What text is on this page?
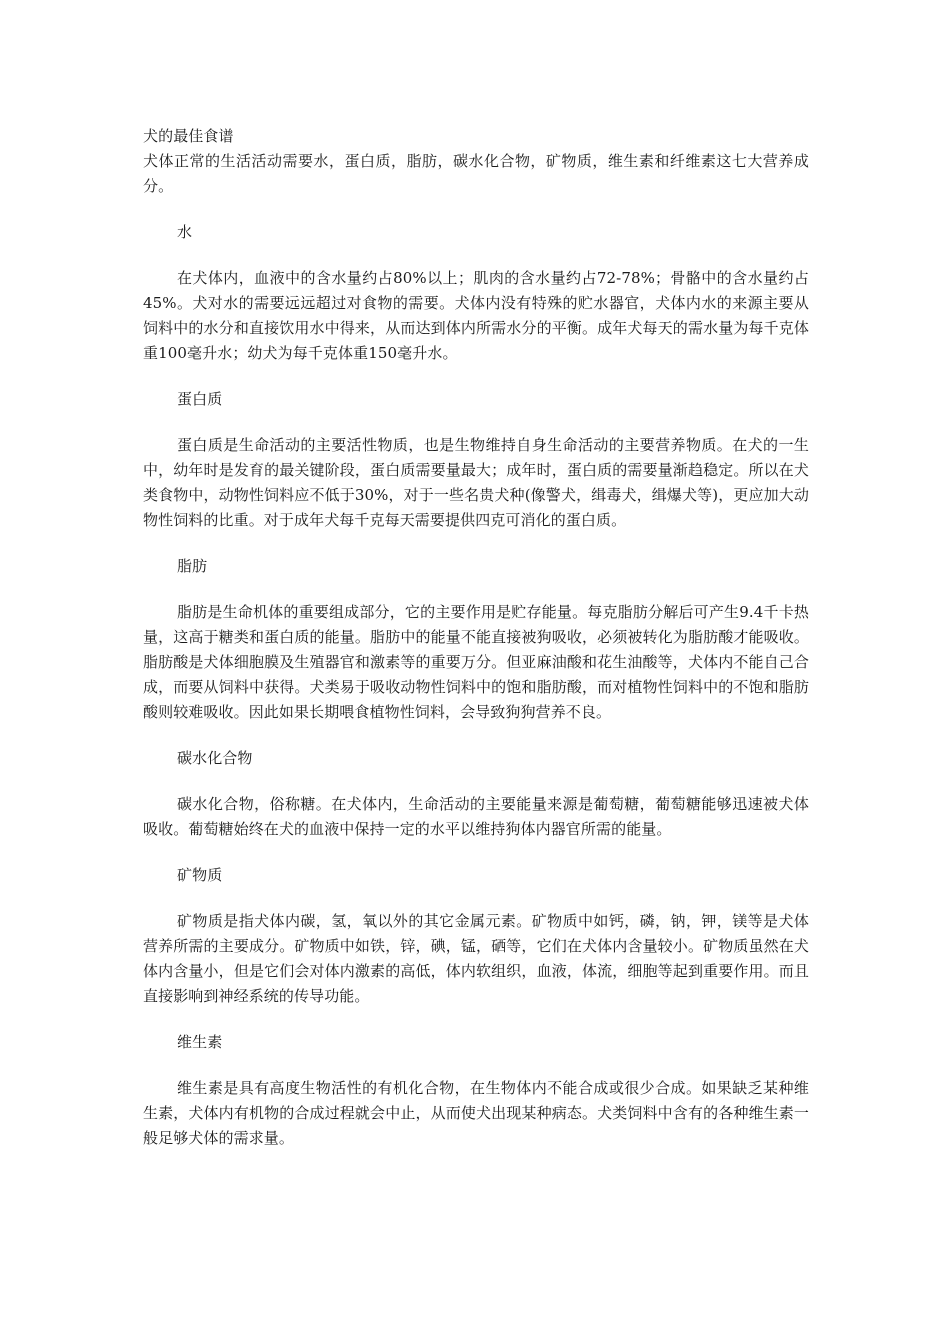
犬的最佳食谱

犬体正常的生活活动需要水，蛋白质，脂肪，碳水化合物，矿物质，维生素和纤维素这七大营养成分。

水

在犬体内，血液中的含水量约占80%以上；肌肉的含水量约占72-78%；骨骼中的含水量约占45%。犬对水的需要远远超过对食物的需要。犬体内没有特殊的贮水器官，犬体内水的来源主要从饲料中的水分和直接饮用水中得来，从而达到体内所需水分的平衡。成年犬每天的需水量为每千克体重100毫升水；幼犬为每千克体重150毫升水。

蛋白质

蛋白质是生命活动的主要活性物质，也是生物维持自身生命活动的主要营养物质。在犬的一生中，幼年时是发育的最关键阶段，蛋白质需要量最大；成年时，蛋白质的需要量渐趋稳定。所以在犬类食物中，动物性饲料应不低于30%，对于一些名贵犬种(像警犬，缉毒犬，缉爆犬等)，更应加大动物性饲料的比重。对于成年犬每千克每天需要提供四克可消化的蛋白质。

脂肪

脂肪是生命机体的重要组成部分，它的主要作用是贮存能量。每克脂肪分解后可产生9.4千卡热量，这高于糖类和蛋白质的能量。脂肪中的能量不能直接被狗吸收，必须被转化为脂肪酸才能吸收。脂肪酸是犬体细胞膜及生殖器官和激素等的重要万分。但亚麻油酸和花生油酸等，犬体内不能自己合成，而要从饲料中获得。犬类易于吸收动物性饲料中的饱和脂肪酸，而对植物性饲料中的不饱和脂肪酸则较难吸收。因此如果长期喂食植物性饲料，会导致狗狗营养不良。

碳水化合物

碳水化合物，俗称糖。在犬体内，生命活动的主要能量来源是葡萄糖，葡萄糖能够迅速被犬体吸收。葡萄糖始终在犬的血液中保持一定的水平以维持狗体内器官所需的能量。

矿物质

矿物质是指犬体内碳，氢，氧以外的其它金属元素。矿物质中如钙，磷，钠，钾，镁等是犬体营养所需的主要成分。矿物质中如铁，锌，碘，锰，硒等，它们在犬体内含量较小。矿物质虽然在犬体内含量小，但是它们会对体内激素的高低，体内软组织，血液，体流，细胞等起到重要作用。而且直接影响到神经系统的传导功能。

维生素

维生素是具有高度生物活性的有机化合物，在生物体内不能合成或很少合成。如果缺乏某种维生素，犬体内有机物的合成过程就会中止，从而使犬出现某种病态。犬类饲料中含有的各种维生素一般足够犬体的需求量。
